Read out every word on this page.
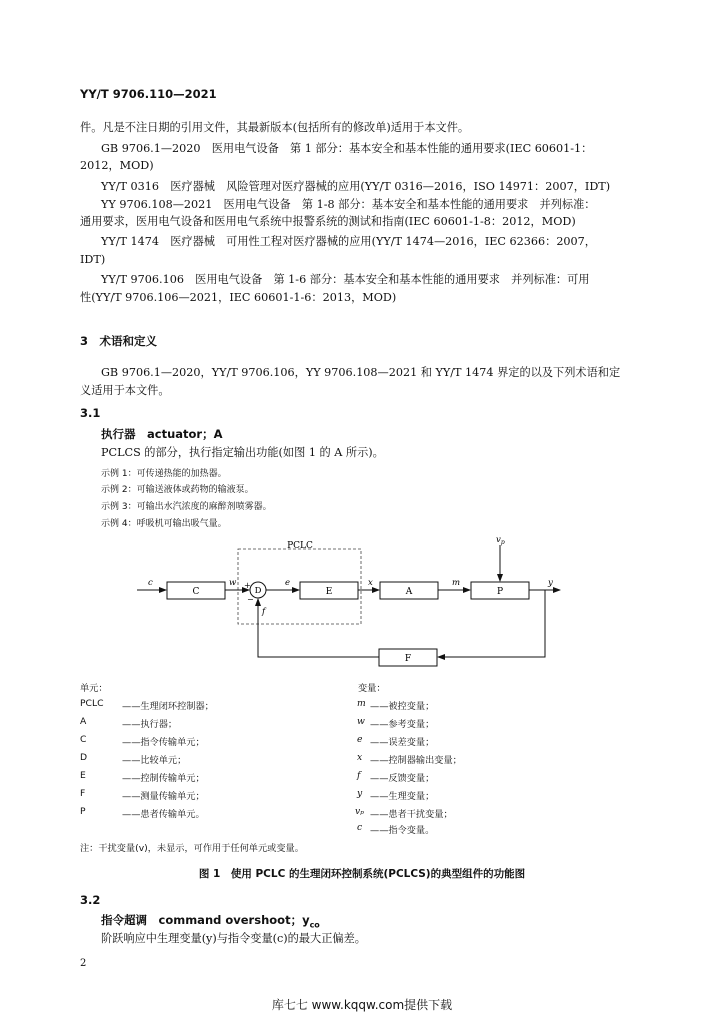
YY/T 9706.110—2021
件。凡是不注日期的引用文件，其最新版本(包括所有的修改单)适用于本文件。
GB 9706.1—2020　医用电气设备　第 1 部分：基本安全和基本性能的通用要求(IEC 60601-1：
2012，MOD)
YY/T 0316　医疗器械　风险管理对医疗器械的应用(YY/T 0316—2016，ISO 14971：2007，IDT)
YY 9706.108—2021　医用电气设备　第 1-8 部分：基本安全和基本性能的通用要求　并列标准：
通用要求，医用电气设备和医用电气系统中报警系统的测试和指南(IEC 60601-1-8：2012，MOD)
YY/T 1474　医疗器械　可用性工程对医疗器械的应用(YY/T 1474—2016，IEC 62366：2007，
IDT)
YY/T 9706.106　医用电气设备　第 1-6 部分：基本安全和基本性能的通用要求　并列标准：可用
性(YY/T 9706.106—2021，IEC 60601-1-6：2013，MOD)
3　术语和定义
GB 9706.1—2020，YY/T 9706.106，YY 9706.108—2021 和 YY/T 1474 界定的以及下列术语和定
义适用于本文件。
3.1
执行器　actuator；A
PCLCS 的部分，执行指定输出功能(如图 1 的 A 所示)。
示例 1：可传递热能的加热器。
示例 2：可输送液体或药物的输液泵。
示例 3：可输出水汽浓度的麻醉剂喷雾器。
示例 4：呼吸机可输出吸气量。
PCLC
C	D	E	A	P
F
c	w	e	x	m	y
f
$v_p$
+
−
单元：
PCLC ——生理闭环控制器；
A	——执行器；
C	——指令传输单元；
D	——比较单元；
E	——控制传输单元；
F	——测量传输单元；
P	——患者传输单元。
变量：
m ——被控变量；
w ——参考变量；
e ——误差变量；
x ——控制器输出变量；
f ——反馈变量；
y ——生理变量；
vₚ ——患者干扰变量；
c ——指令变量。
注：干扰变量(v)，未显示，可作用于任何单元或变量。
图 1　使用 PCLC 的生理闭环控制系统(PCLCS)的典型组件的功能图
3.2
指令超调　command overshoot；$y_{co}$
阶跃响应中生理变量(y)与指令变量(c)的最大正偏差。
2
库七七 www.kqqw.com提供下载
